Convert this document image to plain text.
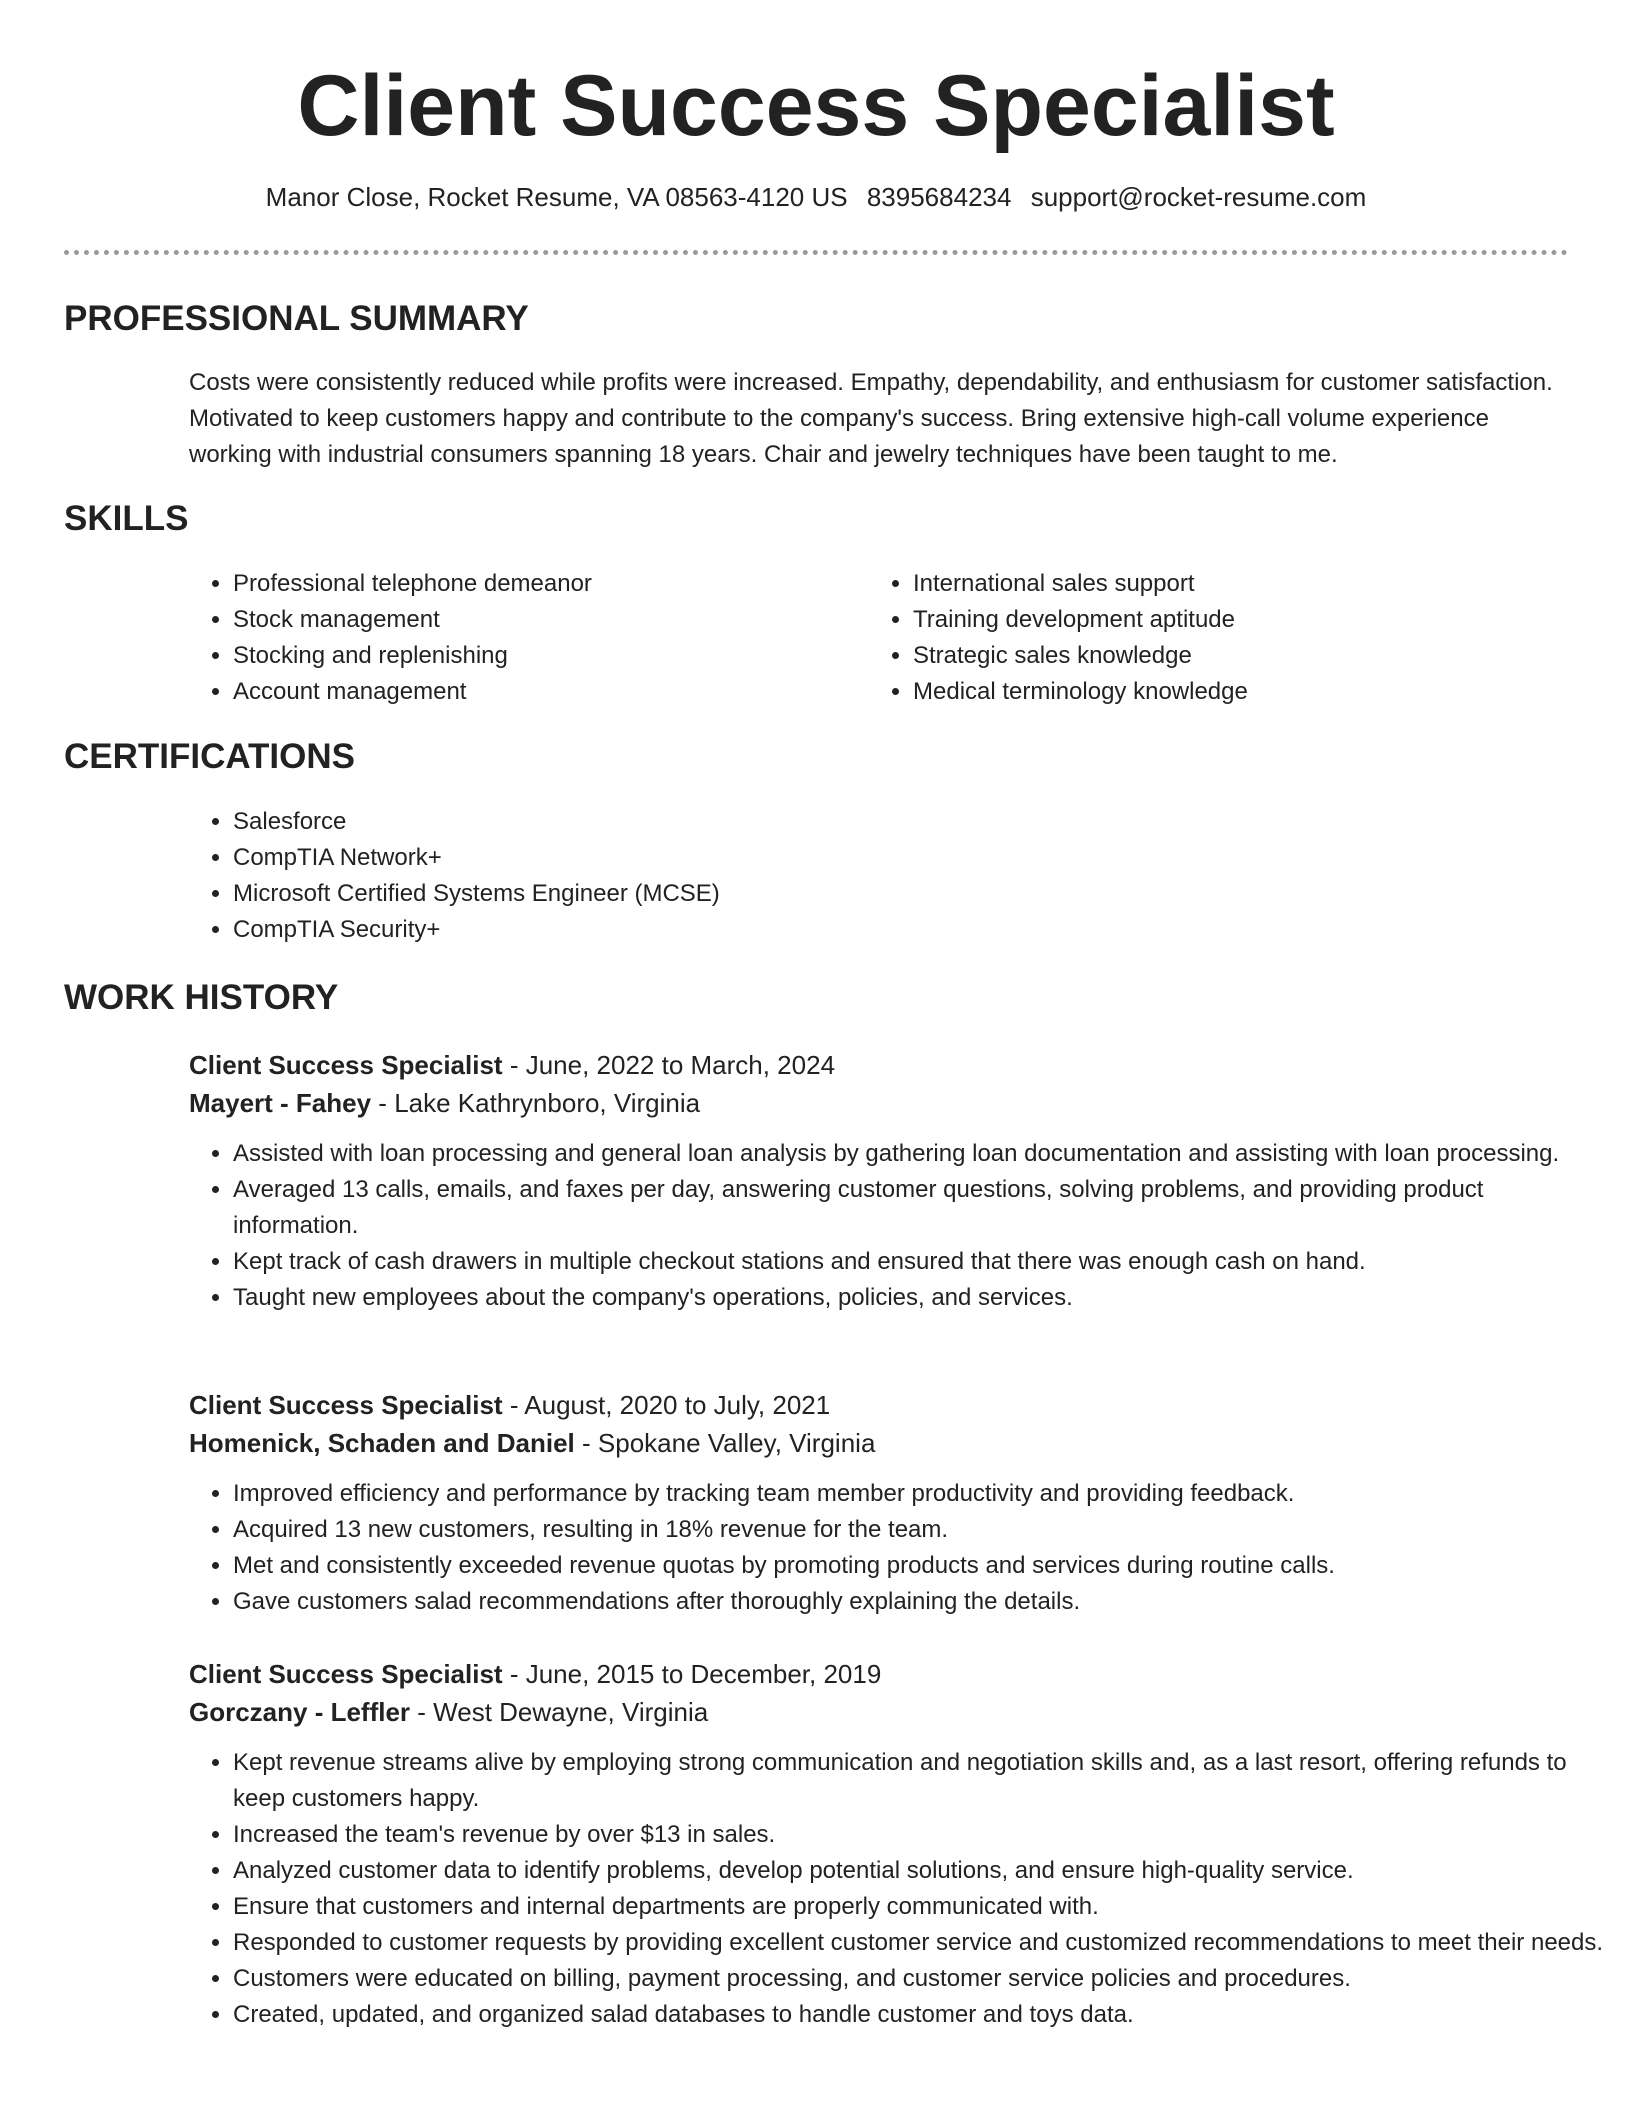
Client Success Specialist
Manor Close, Rocket Resume, VA 08563-4120 US 8395684234 support@rocket-resume.com
PROFESSIONAL SUMMARY

Costs were consistently reduced while profits were increased. Empathy, dependability, and enthusiasm for customer satisfaction. Motivated to keep customers happy and contribute to the company's success. Bring extensive high-call volume experience working with industrial consumers spanning 18 years. Chair and jewelry techniques have been taught to me.

SKILLS
• Professional telephone demeanor
• Stock management
• Stocking and replenishing
• Account management
• International sales support
• Training development aptitude
• Strategic sales knowledge
• Medical terminology knowledge
CERTIFICATIONS
• Salesforce
• CompTIA Network+
• Microsoft Certified Systems Engineer (MCSE)
• CompTIA Security+
WORK HISTORY

Client Success Specialist - June, 2022 to March, 2024

Mayert - Fahey - Lake Kathrynboro, Virginia

• Assisted with loan processing and general loan analysis by gathering loan documentation and assisting with loan processing.
• Averaged 13 calls, emails, and faxes per day, answering customer questions, solving problems, and providing product information.
• Kept track of cash drawers in multiple checkout stations and ensured that there was enough cash on hand.
• Taught new employees about the company's operations, policies, and services.

Client Success Specialist - August, 2020 to July, 2021

Homenick, Schaden and Daniel - Spokane Valley, Virginia

• Improved efficiency and performance by tracking team member productivity and providing feedback.
• Acquired 13 new customers, resulting in 18% revenue for the team.
• Met and consistently exceeded revenue quotas by promoting products and services during routine calls.
• Gave customers salad recommendations after thoroughly explaining the details.

Client Success Specialist - June, 2015 to December, 2019

Gorczany - Leffler - West Dewayne, Virginia

• Kept revenue streams alive by employing strong communication and negotiation skills and, as a last resort, offering refunds to keep customers happy.
• Increased the team's revenue by over $13 in sales.
• Analyzed customer data to identify problems, develop potential solutions, and ensure high-quality service.
• Ensure that customers and internal departments are properly communicated with.
• Responded to customer requests by providing excellent customer service and customized recommendations to meet their needs.
• Customers were educated on billing, payment processing, and customer service policies and procedures.
• Created, updated, and organized salad databases to handle customer and toys data.
